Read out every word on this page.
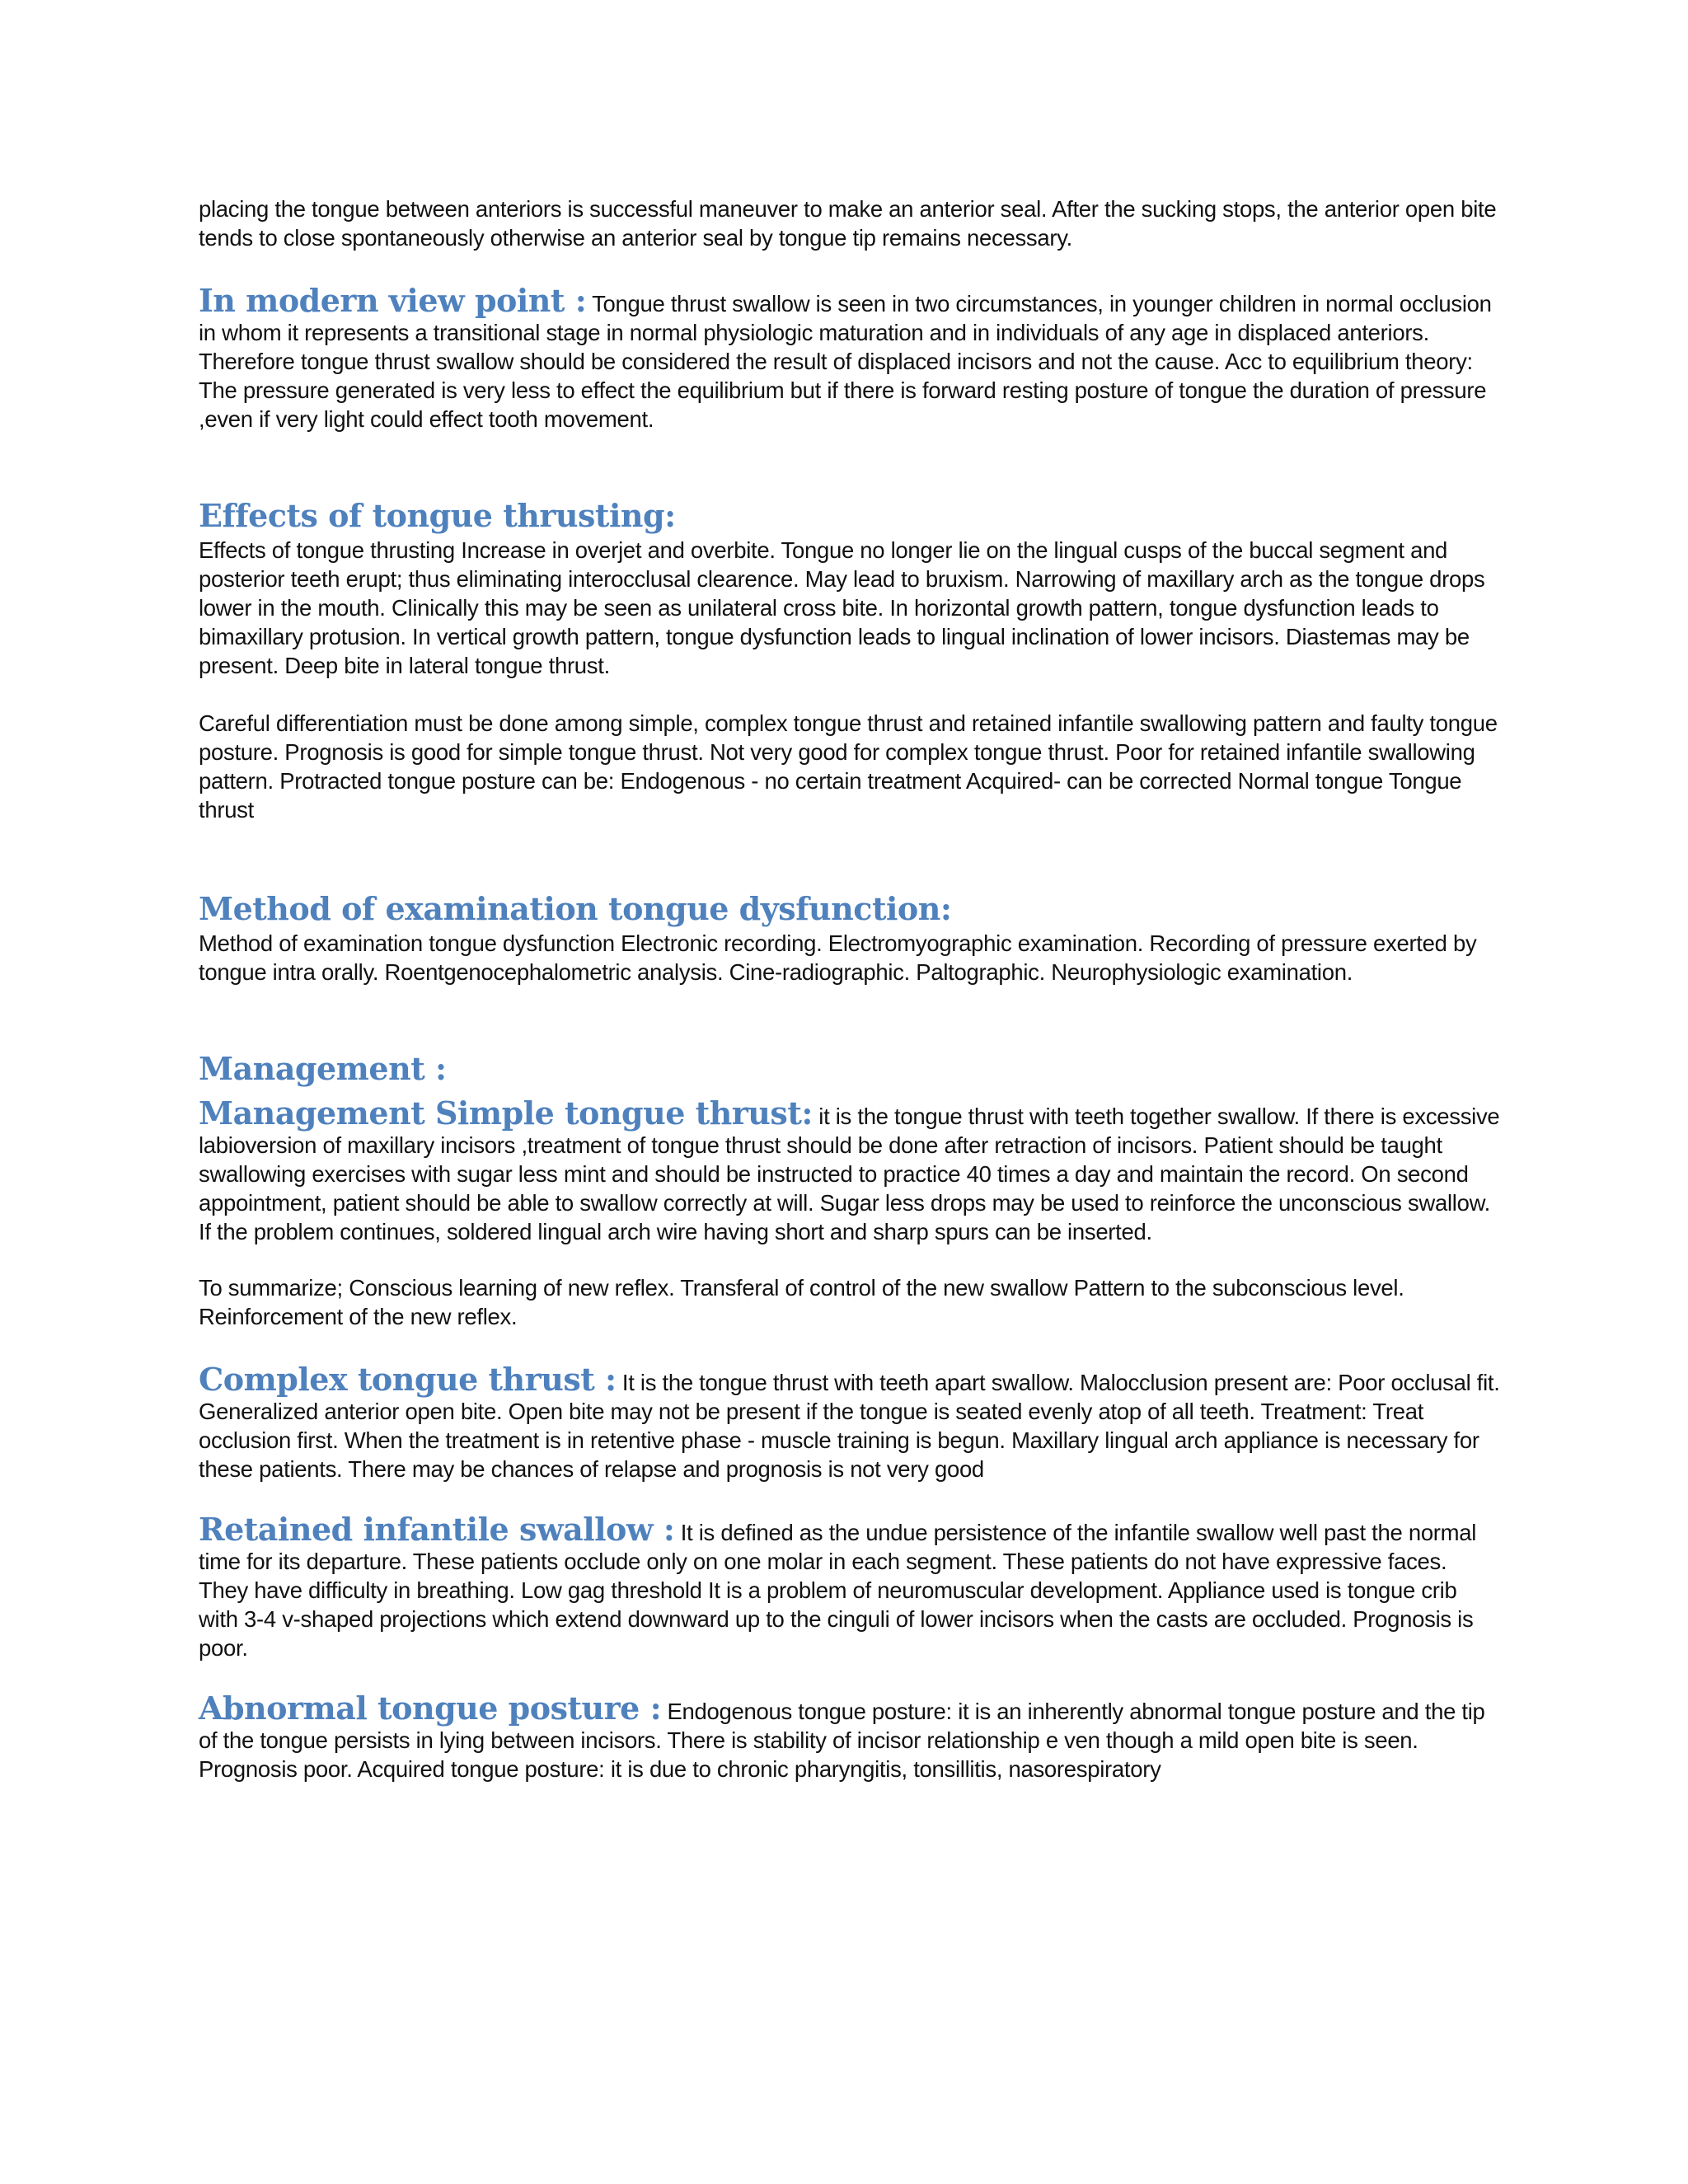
placing the tongue between anteriors is successful maneuver to make an anterior seal. After the sucking stops, the anterior open bite tends to close spontaneously otherwise an anterior seal by tongue tip remains necessary.

In modern view point : Tongue thrust swallow is seen in two circumstances, in younger children in normal occlusion in whom it represents a transitional stage in normal physiologic maturation and in individuals of any age in displaced anteriors. Therefore tongue thrust swallow should be considered the result of displaced incisors and not the cause. Acc to equilibrium theory: The pressure generated is very less to effect the equilibrium but if there is forward resting posture of tongue the duration of pressure ,even if very light could effect tooth movement.

Effects of tongue thrusting:

Effects of tongue thrusting Increase in overjet and overbite. Tongue no longer lie on the lingual cusps of the buccal segment and posterior teeth erupt; thus eliminating interocclusal clearence. May lead to bruxism. Narrowing of maxillary arch as the tongue drops lower in the mouth. Clinically this may be seen as unilateral cross bite. In horizontal growth pattern, tongue dysfunction leads to bimaxillary protusion. In vertical growth pattern, tongue dysfunction leads to lingual inclination of lower incisors. Diastemas may be present. Deep bite in lateral tongue thrust.

Careful differentiation must be done among simple, complex tongue thrust and retained infantile swallowing pattern and faulty tongue posture. Prognosis is good for simple tongue thrust. Not very good for complex tongue thrust. Poor for retained infantile swallowing pattern. Protracted tongue posture can be: Endogenous - no certain treatment Acquired- can be corrected Normal tongue Tongue thrust

Method of examination tongue dysfunction:

Method of examination tongue dysfunction Electronic recording. Electromyographic examination. Recording of pressure exerted by tongue intra orally. Roentgenocephalometric analysis. Cine-radiographic. Paltographic. Neurophysiologic examination.

Management :

Management Simple tongue thrust: it is the tongue thrust with teeth together swallow. If there is excessive labioversion of maxillary incisors ,treatment of tongue thrust should be done after retraction of incisors. Patient should be taught swallowing exercises with sugar less mint and should be instructed to practice 40 times a day and maintain the record. On second appointment, patient should be able to swallow correctly at will. Sugar less drops may be used to reinforce the unconscious swallow. If the problem continues, soldered lingual arch wire having short and sharp spurs can be inserted.

To summarize; Conscious learning of new reflex. Transferal of control of the new swallow Pattern to the subconscious level. Reinforcement of the new reflex.

Complex tongue thrust : It is the tongue thrust with teeth apart swallow. Malocclusion present are: Poor occlusal fit. Generalized anterior open bite. Open bite may not be present if the tongue is seated evenly atop of all teeth. Treatment: Treat occlusion first. When the treatment is in retentive phase - muscle training is begun. Maxillary lingual arch appliance is necessary for these patients. There may be chances of relapse and prognosis is not very good

Retained infantile swallow : It is defined as the undue persistence of the infantile swallow well past the normal time for its departure. These patients occlude only on one molar in each segment. These patients do not have expressive faces. They have difficulty in breathing. Low gag threshold It is a problem of neuromuscular development. Appliance used is tongue crib with 3-4 v-shaped projections which extend downward up to the cinguli of lower incisors when the casts are occluded. Prognosis is poor.

Abnormal tongue posture : Endogenous tongue posture: it is an inherently abnormal tongue posture and the tip of the tongue persists in lying between incisors. There is stability of incisor relationship e ven though a mild open bite is seen. Prognosis poor. Acquired tongue posture: it is due to chronic pharyngitis, tonsillitis, nasorespiratory
